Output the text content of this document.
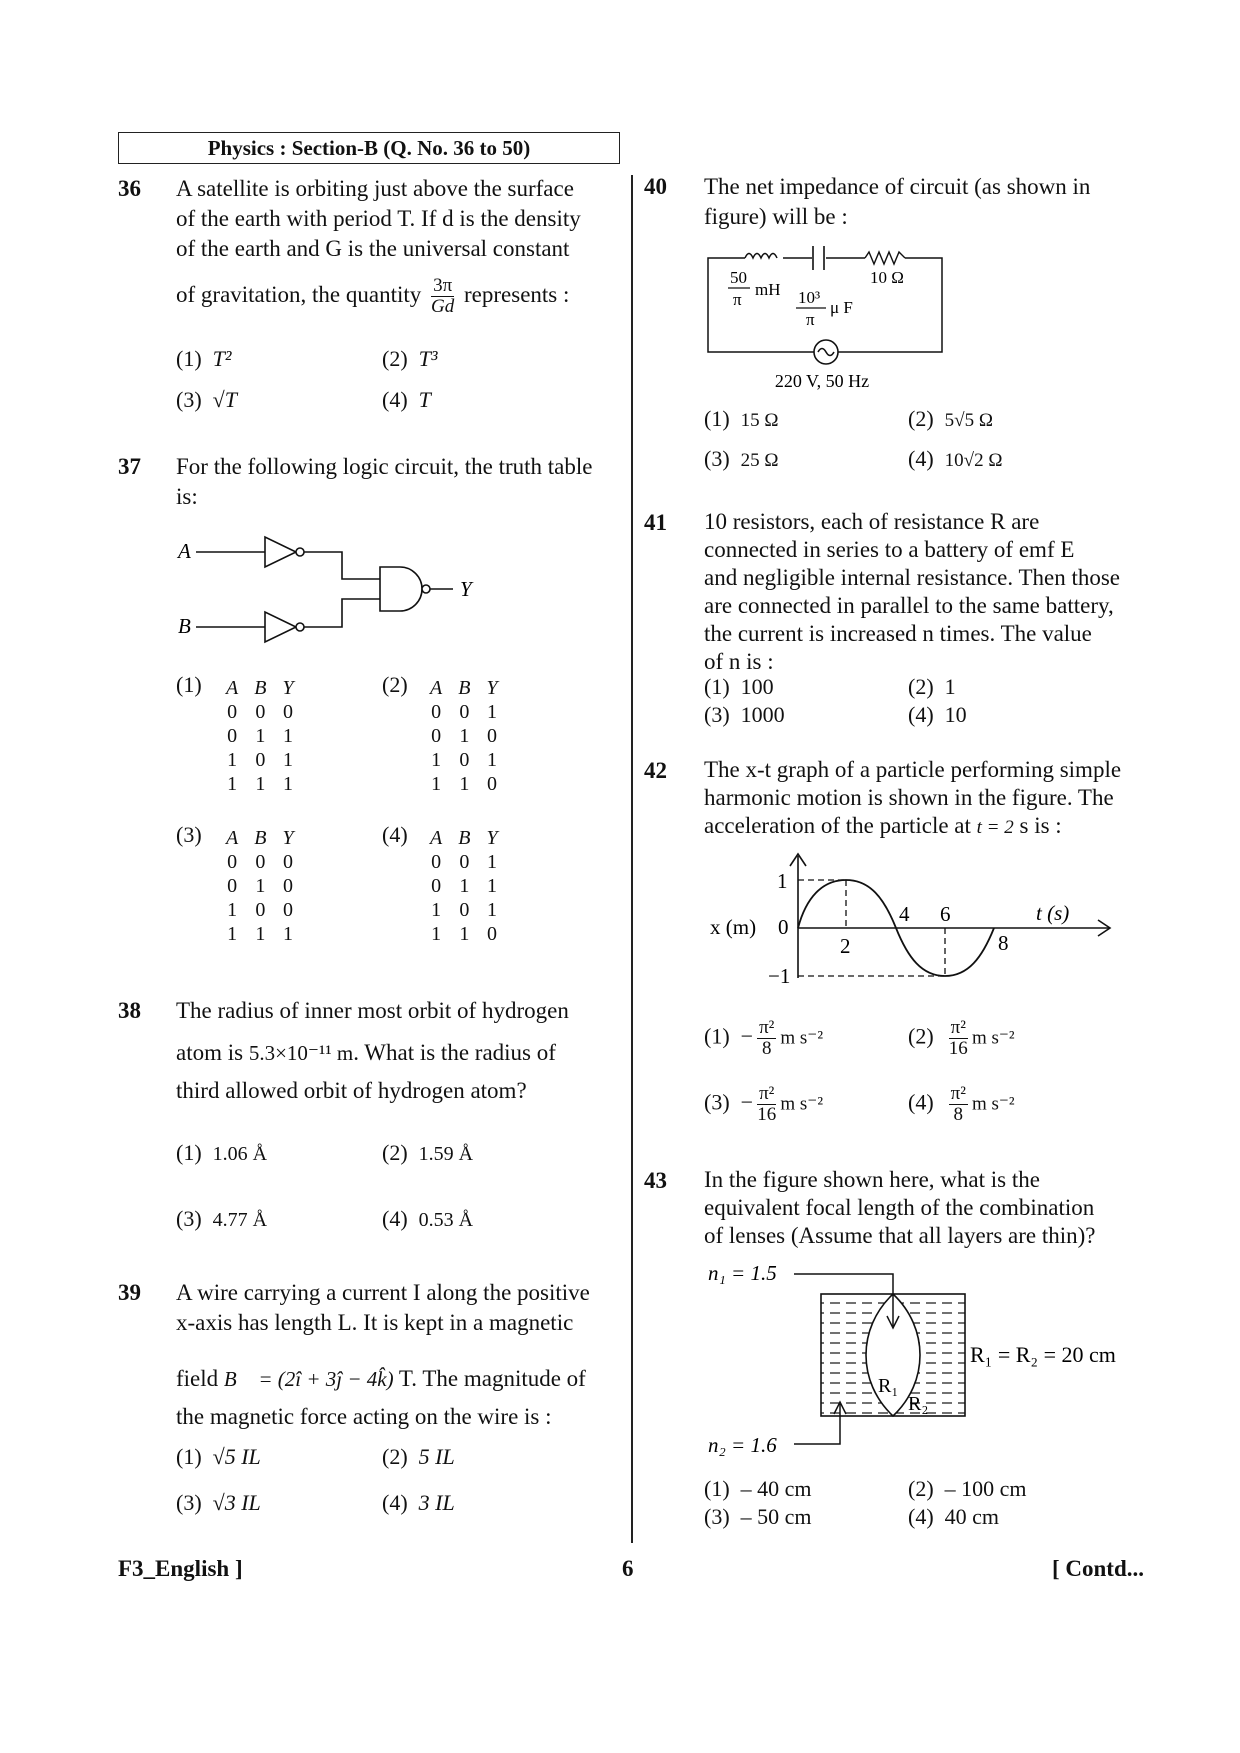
Physics : Section-B (Q. No. 36 to 50)
36 A satellite is orbiting just above the surface
of the earth with period T. If d is the density
of the earth and G is the universal constant
of gravitation, the quantity $\frac{3\pi}{Gd}$ represents :
(1) T²	(2) T³
(3) √T	(4) T
37 For the following logic circuit, the truth table
is:
A
B
Y
(1) A	B	Y
0	0	0
0	1	1
1	0	1
1	1	1
(2) A	B	Y
0	0	1
0	1	0
1	0	1
1	1	0
(3) A	B	Y
0	0	0
0	1	0
1	0	0
1	1	1
(4) A	B	Y
0	0	1
0	1	1
1	0	1
1	1	0
38 The radius of inner most orbit of hydrogen
atom is 5.3×10⁻¹¹ m. What is the radius of
third allowed orbit of hydrogen atom?
(1) 1.06 Å	(2) 1.59 Å
(3) 4.77 Å	(4) 0.53 Å
39 A wire carrying a current I along the positive
x-axis has length L. It is kept in a magnetic
field B⃗ = (2î + 3ĵ − 4k̂) T. The magnitude of
the magnetic force acting on the wire is :
(1) √5 IL	(2) 5 IL
(3) √3 IL	(4) 3 IL
40 The net impedance of circuit (as shown in
figure) will be :
50
π
mH 10³
π
μ F
10 Ω
220 V, 50 Hz
(1) 15 Ω	(2) 5√5 Ω
(3) 25 Ω	(4) 10√2 Ω
41 10 resistors, each of resistance R are
connected in series to a battery of emf E
and negligible internal resistance. Then those
are connected in parallel to the same battery,
the current is increased n times. The value
of n is :
(1) 100	(2) 1
(3) 1000	(4) 10
42 The x-t graph of a particle performing simple
harmonic motion is shown in the figure. The
acceleration of the particle at t = 2 s is :
x (m)
1
0
−1
2
4 6
8
t (s)
$(1) - \frac{\text{π²}}{8}$ m s⁻²	$(2) \frac{\text{π²}}{16}$ m s⁻²
$(3) - \frac{\text{π²}}{16}$ m s⁻²	$(4) \frac{\text{π²}}{8}$ m s⁻²
43 In the figure shown here, what is the
equivalent focal length of the combination
of lenses (Assume that all layers are thin)?
n₁ = 1.5
n₂ = 1.6
R₁
R₂
R₁ = R₂ = 20 cm
(1) – 40 cm	(2) – 100 cm
(3) – 50 cm	(4) 40 cm
F3_English ]	6	[ Contd...
